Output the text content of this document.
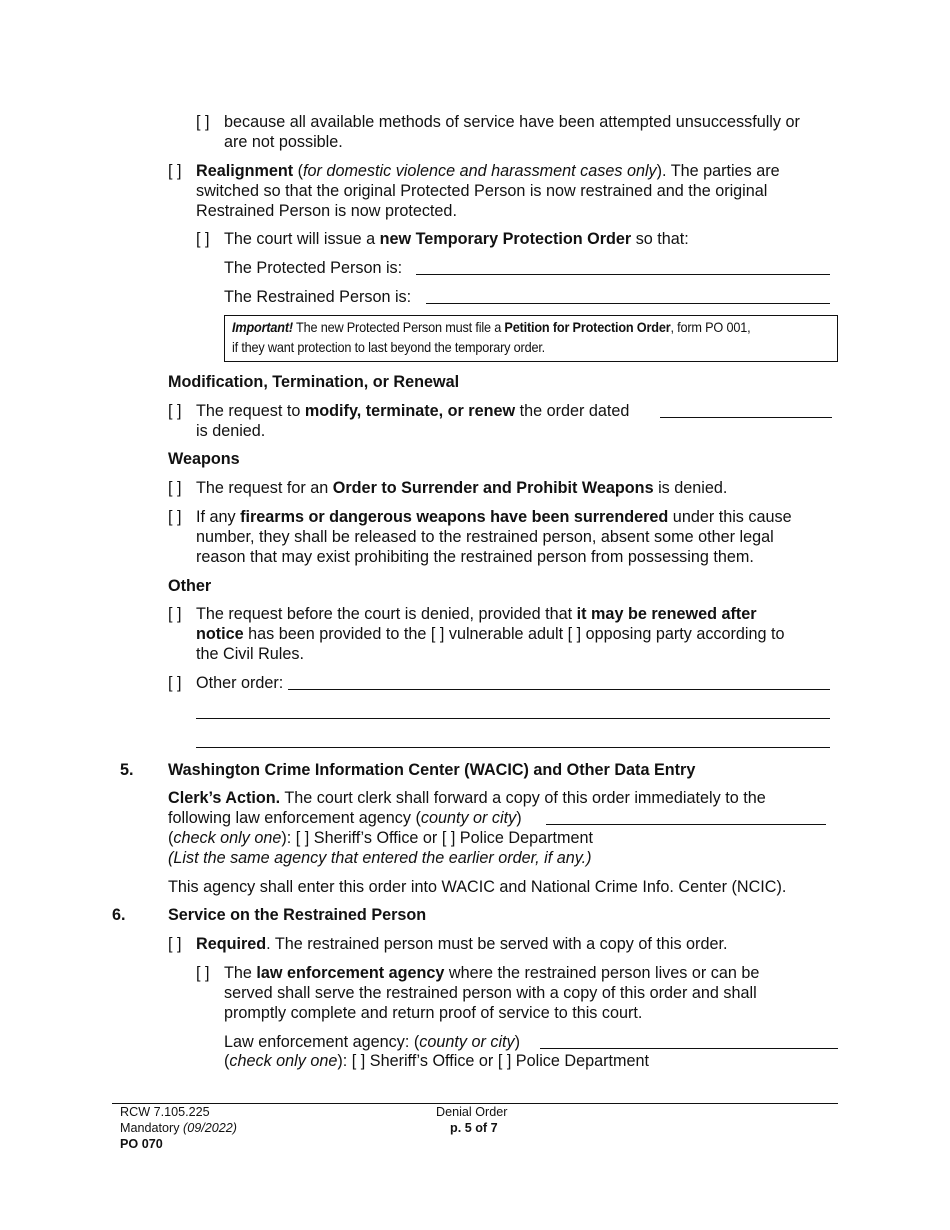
[ ] because all available methods of service have been attempted unsuccessfully or
are not possible.
[ ] Realignment (for domestic violence and harassment cases only). The parties are
switched so that the original Protected Person is now restrained and the original
Restrained Person is now protected.
[ ] The court will issue a new Temporary Protection Order so that:
The Protected Person is:
The Restrained Person is:
Important! The new Protected Person must file a Petition for Protection Order, form PO 001,
if they want protection to last beyond the temporary order.
Modification, Termination, or Renewal
[ ] The request to modify, terminate, or renew the order dated
is denied.
Weapons
[ ] The request for an Order to Surrender and Prohibit Weapons is denied.
[ ] If any firearms or dangerous weapons have been surrendered under this cause
number, they shall be released to the restrained person, absent some other legal
reason that may exist prohibiting the restrained person from possessing them.
Other
[ ] The request before the court is denied, provided that it may be renewed after
notice has been provided to the [ ] vulnerable adult [ ] opposing party according to
the Civil Rules.
[ ] Other order:
5. Washington Crime Information Center (WACIC) and Other Data Entry
Clerk’s Action. The court clerk shall forward a copy of this order immediately to the
following law enforcement agency (county or city)
(check only one): [ ] Sheriff’s Office or [ ] Police Department
(List the same agency that entered the earlier order, if any.)
This agency shall enter this order into WACIC and National Crime Info. Center (NCIC).
6.	Service on the Restrained Person
[ ] Required. The restrained person must be served with a copy of this order.
[ ] The law enforcement agency where the restrained person lives or can be
served shall serve the restrained person with a copy of this order and shall
promptly complete and return proof of service to this court.
Law enforcement agency: (county or city)
(check only one): [ ] Sheriff’s Office or [ ] Police Department
RCW 7.105.225
Mandatory (09/2022)
PO 070
Denial Order
p. 5 of 7
